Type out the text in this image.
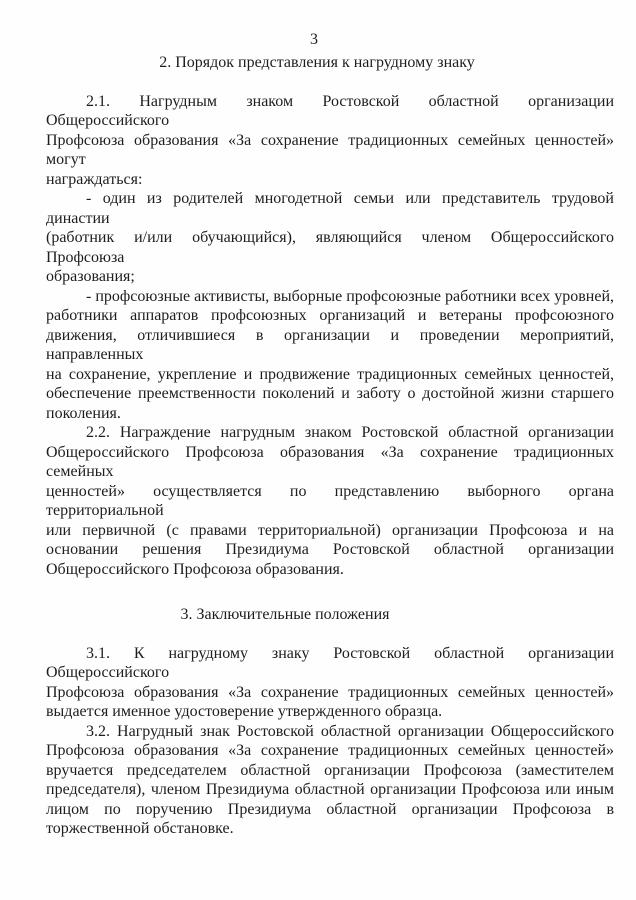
3
2. Порядок представления к нагрудному знаку
2.1. Нагрудным знаком Ростовской областной организации Общероссийского
Профсоюза образования «За сохранение традиционных семейных ценностей» могут
награждаться:
- один из родителей многодетной семьи или представитель трудовой династии
(работник и/или обучающийся), являющийся членом Общероссийского Профсоюза
образования;
- профсоюзные активисты, выборные профсоюзные работники всех уровней,
работники аппаратов профсоюзных организаций и ветераны профсоюзного
движения, отличившиеся в организации и проведении мероприятий, направленных
на сохранение, укрепление и продвижение традиционных семейных ценностей,
обеспечение преемственности поколений и заботу о достойной жизни старшего
поколения.
2.2. Награждение нагрудным знаком Ростовской областной организации
Общероссийского Профсоюза образования «За сохранение традиционных семейных
ценностей» осуществляется по представлению выборного органа территориальной
или первичной (с правами территориальной) организации Профсоюза и на
основании решения Президиума Ростовской областной организации
Общероссийского Профсоюза образования.
3. Заключительные положения
3.1. К нагрудному знаку Ростовской областной организации Общероссийского
Профсоюза образования «За сохранение традиционных семейных ценностей»
выдается именное удостоверение утвержденного образца.
3.2. Нагрудный знак Ростовской областной организации Общероссийского
Профсоюза образования «За сохранение традиционных семейных ценностей»
вручается председателем областной организации Профсоюза (заместителем
председателя), членом Президиума областной организации Профсоюза или иным
лицом по поручению Президиума областной организации Профсоюза в
торжественной обстановке.
